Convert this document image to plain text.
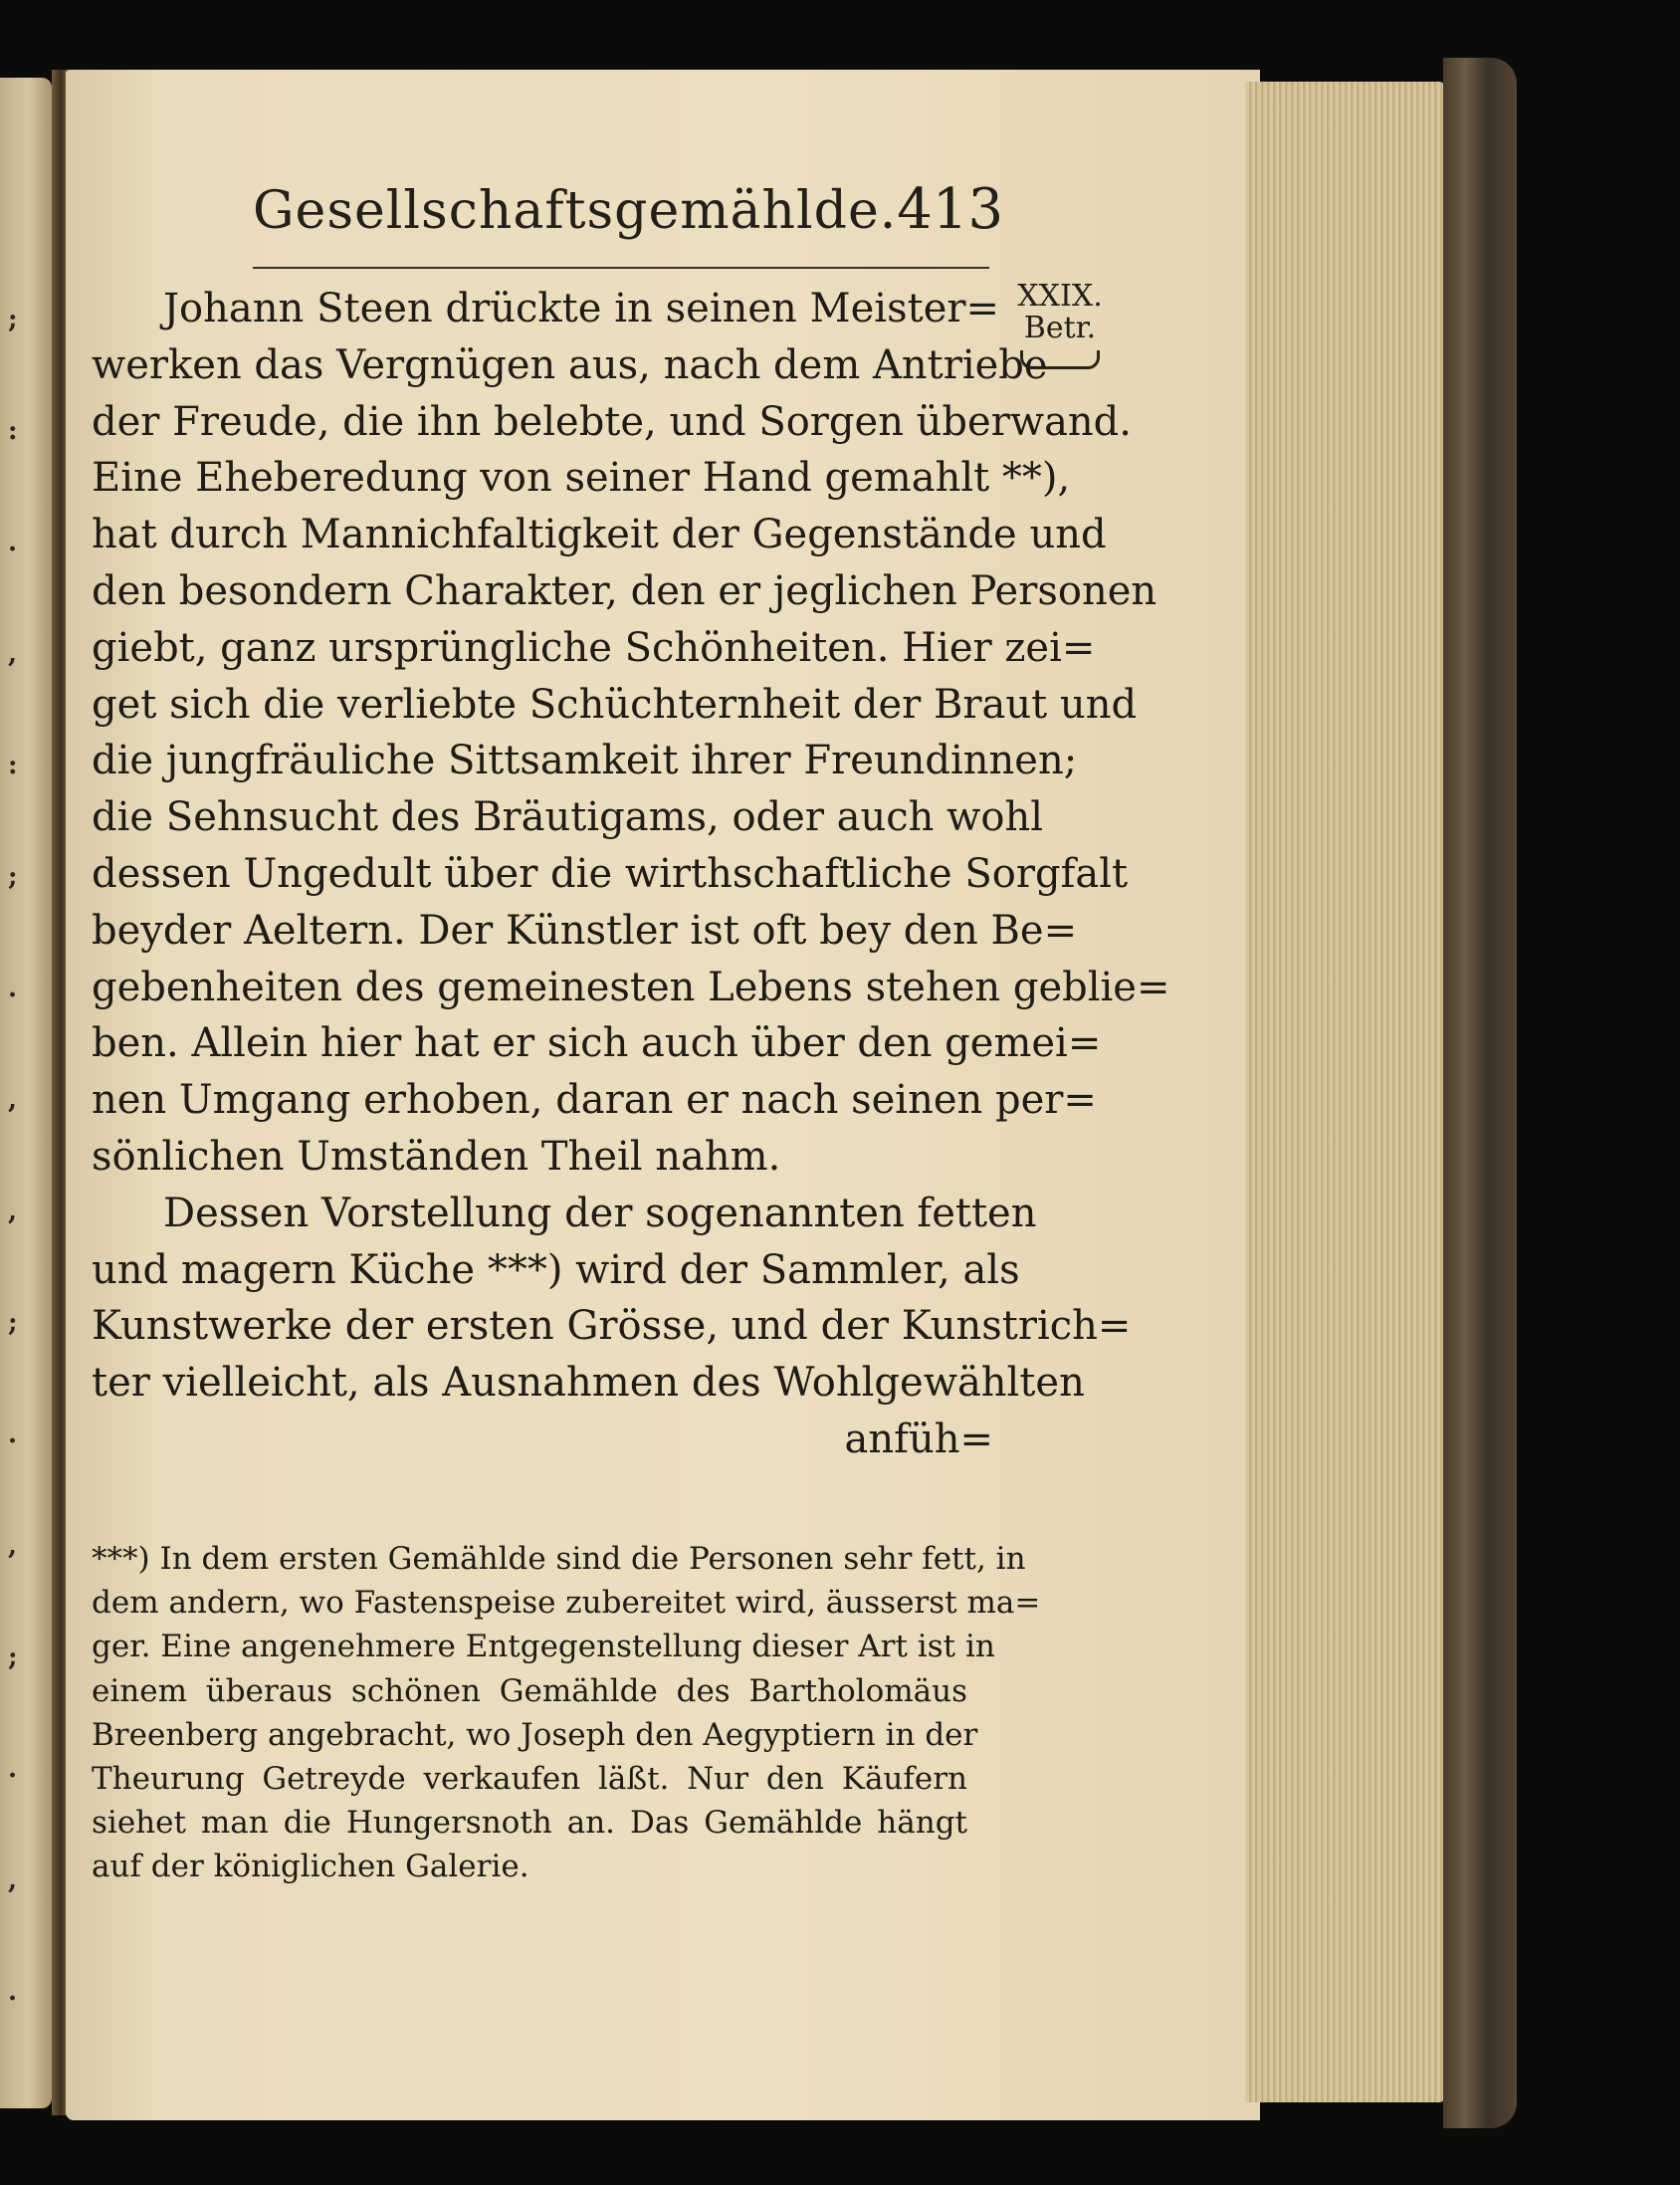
;
:
.
,
:
;
.
,
,
;
.
,
;
.
,
.
Gesellschaftsgemählde. 413
XXIX.
Betr.
Johann Steen drückte in seinen Meister=
werken das Vergnügen aus, nach dem Antriebe
der Freude, die ihn belebte, und Sorgen überwand.
Eine Eheberedung von seiner Hand gemahlt **),
hat durch Mannichfaltigkeit der Gegenstände und
den besondern Charakter, den er jeglichen Personen
giebt, ganz ursprüngliche Schönheiten. Hier zei=
get sich die verliebte Schüchternheit der Braut und
die jungfräuliche Sittsamkeit ihrer Freundinnen;
die Sehnsucht des Bräutigams, oder auch wohl
dessen Ungedult über die wirthschaftliche Sorgfalt
beyder Aeltern. Der Künstler ist oft bey den Be=
gebenheiten des gemeinesten Lebens stehen geblie=
ben. Allein hier hat er sich auch über den gemei=
nen Umgang erhoben, daran er nach seinen per=
sönlichen Umständen Theil nahm.
Dessen Vorstellung der sogenannten fetten
und magern Küche ***) wird der Sammler, als
Kunstwerke der ersten Grösse, und der Kunstrich=
ter vielleicht, als Ausnahmen des Wohlgewählten
anfüh=
***) In dem ersten Gemählde sind die Personen sehr fett, in
dem andern, wo Fastenspeise zubereitet wird, äusserst ma=
ger. Eine angenehmere Entgegenstellung dieser Art ist in
einem überaus schönen Gemählde des Bartholomäus
Breenberg angebracht, wo Joseph den Aegyptiern in der
Theurung Getreyde verkaufen läßt. Nur den Käufern
siehet man die Hungersnoth an. Das Gemählde hängt
auf der königlichen Galerie.
